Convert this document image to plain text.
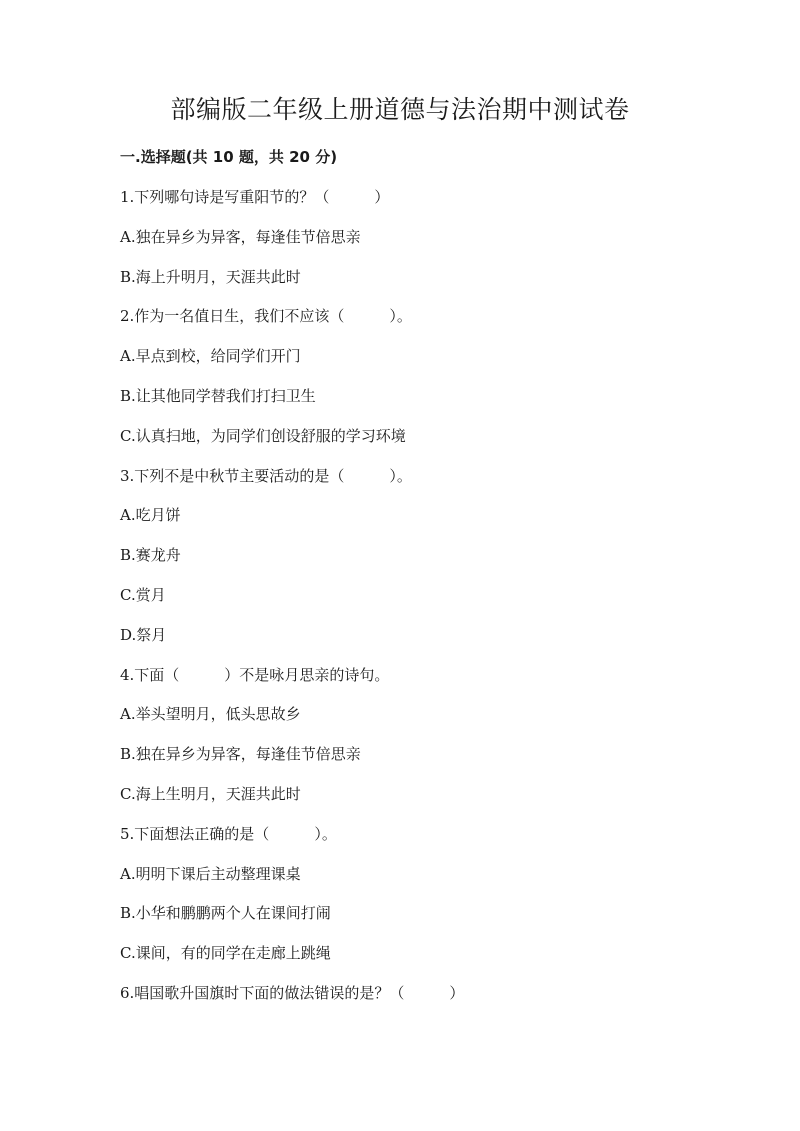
部编版二年级上册道德与法治期中测试卷
一.选择题(共 10 题，共 20 分)
1.下列哪句诗是写重阳节的？（　　　）
A.独在异乡为异客，每逢佳节倍思亲
B.海上升明月，天涯共此时
2.作为一名值日生，我们不应该（　　　）。
A.早点到校，给同学们开门
B.让其他同学替我们打扫卫生
C.认真扫地，为同学们创设舒服的学习环境
3.下列不是中秋节主要活动的是（　　　）。
A.吃月饼
B.赛龙舟
C.赏月
D.祭月
4.下面（　　　）不是咏月思亲的诗句。
A.举头望明月，低头思故乡
B.独在异乡为异客，每逢佳节倍思亲
C.海上生明月，天涯共此时
5.下面想法正确的是（　　　）。
A.明明下课后主动整理课桌
B.小华和鹏鹏两个人在课间打闹
C.课间，有的同学在走廊上跳绳
6.唱国歌升国旗时下面的做法错误的是？（　　　）
